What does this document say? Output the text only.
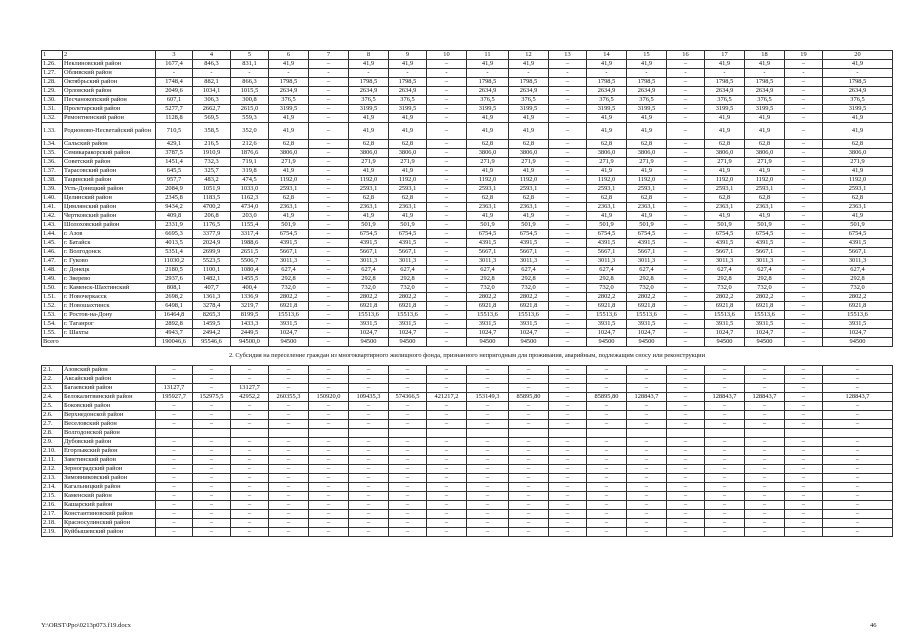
1	2	3	4	5	6	7	8	9	10	11	12	13	14	15	16	17	18	19	20
1.26.	Неклиновский район	1677,4	846,3	831,1	41,9	–	41,9	41,9	–	41,9	41,9	–	41,9	41,9	–	41,9	41,9	–	41,9
1.27.	Обливский район	-	-	-	-	-	-	-	-	-	-	-	-	-	-	-	-	-	-
1.28.	Октябрьский район	1748,4	882,1	866,3	1798,5	–	1798,5	1798,5	–	1798,5	1798,5	–	1798,5	1798,5	–	1798,5	1798,5	–	1798,5
1.29.	Орловский район	2049,6	1034,1	1015,5	2634,9	–	2634,9	2634,9	–	2634,9	2634,9	–	2634,9	2634,9	–	2634,9	2634,9	–	2634,9
1.30.	Песчанокопский район	607,1	306,3	300,8	376,5	–	376,5	376,5	–	376,5	376,5	–	376,5	376,5	–	376,5	376,5	–	376,5
1.31.	Пролетарский район	5277,7	2662,7	2615,0	3199,5	–	3199,5	3199,5	–	3199,5	3199,5	–	3199,5	3199,5	–	3199,5	3199,5	–	3199,5
1.32.	Ремонтненский район	1128,8	569,5	559,3	41,9	–	41,9	41,9	–	41,9	41,9	–	41,9	41,9	–	41,9	41,9	–	41,9
1.33.	Родионово-Несветайский район	710,5	358,5	352,0	41,9	–	41,9	41,9	–	41,9	41,9	–	41,9	41,9	–	41,9	41,9	–	41,9
1.34.	Сальский район	429,1	216,5	212,6	62,8	–	62,8	62,8	–	62,8	62,8	–	62,8	62,8	–	62,8	62,8	–	62,8
1.35.	Семикаракорский район	3787,5	1910,9	1876,6	3806,0	–	3806,0	3806,0	–	3806,0	3806,0	–	3806,0	3806,0	–	3806,0	3806,0	–	3806,0
1.36.	Советский район	1451,4	732,3	719,1	271,9	–	271,9	271,9	–	271,9	271,9	–	271,9	271,9	–	271,9	271,9	–	271,9
1.37.	Тарасовский район	645,5	325,7	319,8	41,9	–	41,9	41,9	–	41,9	41,9	–	41,9	41,9	–	41,9	41,9	–	41,9
1.38.	Тацинский район	957,7	483,2	474,5	1192,0	–	1192,0	1192,0	–	1192,0	1192,0	–	1192,0	1192,0	–	1192,0	1192,0	–	1192,0
1.39.	Усть-Донецкий район	2084,9	1051,9	1033,0	2593,1	–	2593,1	2593,1	–	2593,1	2593,1	–	2593,1	2593,1	–	2593,1	2593,1	–	2593,1
1.40.	Целинский район	2345,8	1183,5	1162,3	62,8	–	62,8	62,8	–	62,8	62,8	–	62,8	62,8	–	62,8	62,8	–	62,8
1.41.	Цимлянский район	9434,2	4700,2	4734,0	2363,1	–	2363,1	2363,1	–	2363,1	2363,1	–	2363,1	2363,1	–	2363,1	2363,1	–	2363,1
1.42.	Чертковский район	409,8	206,8	203,0	41,9	–	41,9	41,9	–	41,9	41,9	–	41,9	41,9	–	41,9	41,9	–	41,9
1.43.	Шолоховский район	2331,9	1176,5	1155,4	501,9	–	501,9	501,9	–	501,9	501,9	–	501,9	501,9	–	501,9	501,9	–	501,9
1.44.	г. Азов	6695,3	3377,9	3317,4	6754,5	–	6754,5	6754,5	–	6754,5	6754,5	–	6754,5	6754,5	–	6754,5	6754,5	–	6754,5
1.45.	г. Батайск	4013,5	2024,9	1988,6	4391,5	–	4391,5	4391,5	–	4391,5	4391,5	–	4391,5	4391,5	–	4391,5	4391,5	–	4391,5
1.46.	г. Волгодонск	5351,4	2699,9	2651,5	5667,1	–	5667,1	5667,1	–	5667,1	5667,1	–	5667,1	5667,1	–	5667,1	5667,1	–	5667,1
1.47.	г. Гуково	11030,2	5523,5	5506,7	3011,3	–	3011,3	3011,3	–	3011,3	3011,3	–	3011,3	3011,3	–	3011,3	3011,3	–	3011,3
1.48.	г. Донецк	2180,5	1100,1	1080,4	627,4	–	627,4	627,4	–	627,4	627,4	–	627,4	627,4	–	627,4	627,4	–	627,4
1.49.	г. Зверево	2937,6	1482,1	1455,5	292,8	–	292,8	292,8	–	292,8	292,8	–	292,8	292,8	–	292,8	292,8	–	292,8
1.50.	г. Каменск-Шахтинский	808,1	407,7	400,4	732,0	–	732,0	732,0	–	732,0	732,0	–	732,0	732,0	–	732,0	732,0	–	732,0
1.51.	г. Новочеркасск	2698,2	1361,3	1336,9	2802,2	–	2802,2	2802,2	–	2802,2	2802,2	–	2802,2	2802,2	–	2802,2	2802,2	–	2802,2
1.52.	г. Новошахтинск	6498,1	3278,4	3219,7	6921,8	–	6921,8	6921,8	–	6921,8	6921,8	–	6921,8	6921,8	–	6921,8	6921,8	–	6921,8
1.53.	г. Ростов-на-Дону	16464,8	8265,3	8199,5	15513,6	–	15513,6	15513,6	–	15513,6	15513,6	–	15513,6	15513,6	–	15513,6	15513,6	–	15513,6
1.54.	г. Таганрог	2892,8	1459,5	1433,3	3931,5	–	3931,5	3931,5	–	3931,5	3931,5	–	3931,5	3931,5	–	3931,5	3931,5	–	3931,5
1.55.	г. Шахты	4943,7	2494,2	2449,5	1024,7	–	1024,7	1024,7	–	1024,7	1024,7	–	1024,7	1024,7	–	1024,7	1024,7	–	1024,7
Всего		190046,6	95546,6	94500,0	94500	–	94500	94500	–	94500	94500	–	94500	94500	–	94500	94500	–	94500
2. Субсидия на переселение граждан из многоквартирного жилищного фонда, признанного непригодным для проживания, аварийным, подлежащим сносу или реконструкции																			
2.1.	Азовский район	–	–	–	–	–	–	–	–	–	–	–	–	–	–	–	–	–	–
2.2.	Аксайский район	–	–	–	–	–	–	–	–	–	–	–	–	–	–	–	–	–	–
2.3.	Багаевский район	13127,7	–	13127,7	–	–	–	–	–	–	–	–	–	–	–	–	–	–	–
2.4.	Белокалитвинский район	195927,7	152975,5	42952,2	260355,3	150920,0	109435,3	574366,5	421217,2	153149,3	85895,80	–	85895,80	128843,7	–	128843,7	128843,7	–	128843,7
2.5.	Боковский район	–	–	–	–	–	–	–	–	–	–	–	–	–	–	–	–	–	–
2.6.	Верхнедонской район	–	–	–	–	–	–	–	–	–	–	–	–	–	–	–	–	–	–
2.7.	Веселовский район	–	–	–	–	–	–	–	–	–	–	–	–	–	–	–	–	–	–
2.8.	Волгодонской район																		
2.9.	Дубовский район	–	–	–	–	–	–	–	–	–	–	–	–	–	–	–	–	–	–
2.10.	Егорлыкский район	–	–	–	–	–	–	–	–	–	–	–	–	–	–	–	–	–	–
2.11.	Заветинский район	–	–	–	–	–	–	–	–	–	–	–	–	–	–	–	–	–	–
2.12.	Зерноградский район	–	–	–	–	–	–	–	–	–	–	–	–	–	–	–	–	–	–
2.13.	Зимовниковский район	–	–	–	–	–	–	–	–	–	–	–	–	–	–	–	–	–	–
2.14.	Кагальницкий район	–	–	–	–	–	–	–	–	–	–	–	–	–	–	–	–	–	–
2.15.	Каменский район	–	–	–	–	–	–	–	–	–	–	–	–	–	–	–	–	–	–
2.16.	Кашарский район	–	–	–	–	–	–	–	–	–	–	–	–	–	–	–	–	–	–
2.17.	Константиновский район	–	–	–	–	–	–	–	–	–	–	–	–	–	–	–	–	–	–
2.18.	Красносулинский район	–	–	–	–	–	–	–	–	–	–	–	–	–	–	–	–	–	–
2.19.	Куйбышевский район	–	–	–	–	–	–	–	–	–	–	–	–	–	–	–	–	–	–
Y:\ORST\Ppo\0213p073.f19.docx	46
